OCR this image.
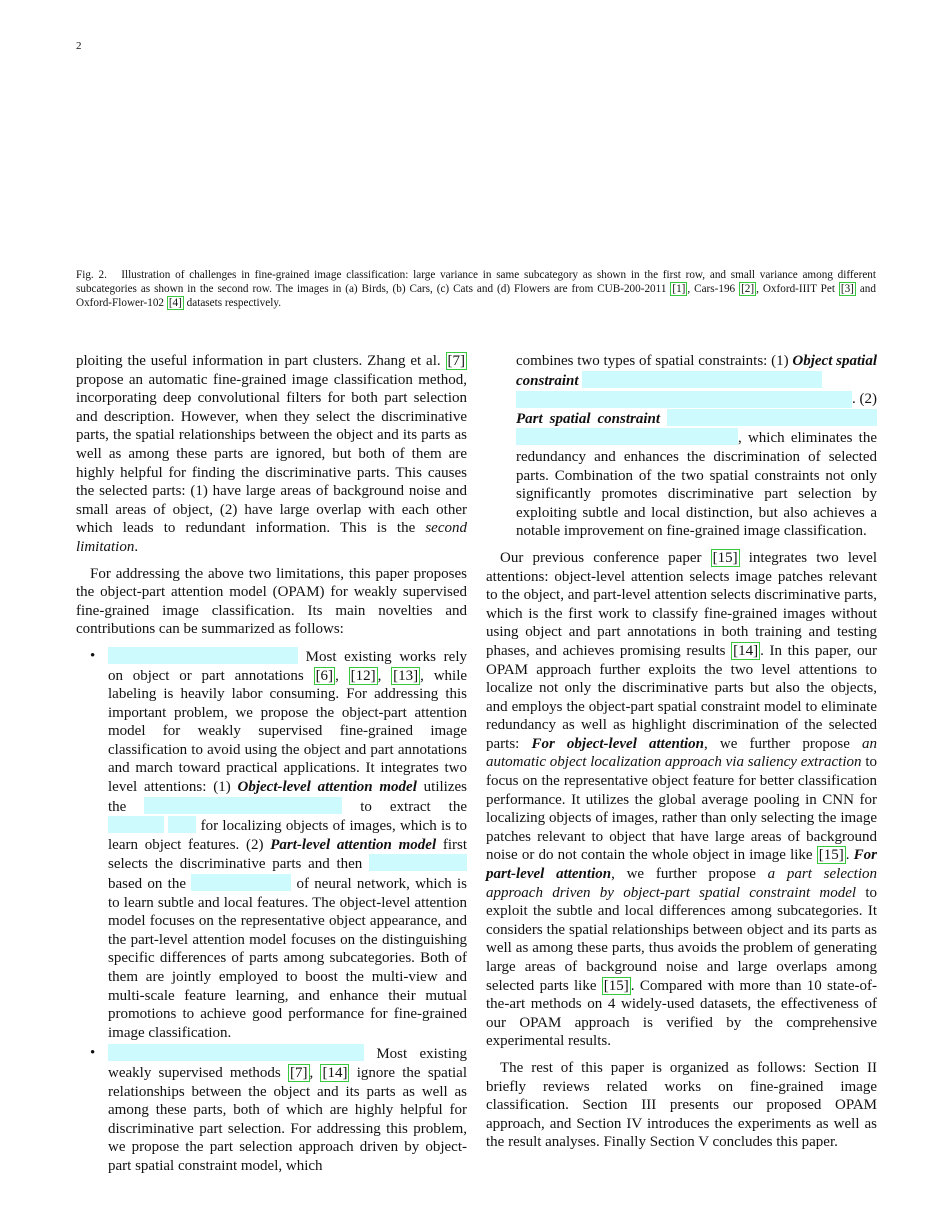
2
Fig. 2. Illustration of challenges in fine-grained image classification: large variance in same subcategory as shown in the first row, and small variance among different subcategories as shown in the second row. The images in (a) Birds, (b) Cars, (c) Cats and (d) Flowers are from CUB-200-2011 [1] , Cars-196 [2] , Oxford-IIIT Pet [3] and Oxford-Flower-102 [4] datasets respectively.

ploiting the useful information in part clusters. Zhang et al. [7] propose an automatic fine-grained image classification method, incorporating deep convolutional filters for both part selection and description. However, when they select the discriminative parts, the spatial relationships between the object and its parts as well as among these parts are ignored, but both of them are highly helpful for finding the discriminative parts. This causes the selected parts: (1) have large areas of background noise and small areas of object, (2) have large overlap with each other which leads to redundant information. This is the second limitation.

For addressing the above two limitations, this paper proposes the object-part attention model (OPAM) for weakly supervised fine-grained image classification. Its main novelties and contributions can be summarized as follows:

•	Most existing works rely on object or part annotations [6] , [12] , [13] , while labeling is heavily labor consuming. For addressing this important problem, we propose the object-part attention model for weakly supervised fine-grained image classification to avoid using the object and part annotations and march toward practical applications. It integrates two level attentions: (1) Object-level attention model utilizes the	to extract the   for localizing objects of images, which is to learn object features. (2) Part-level attention model first selects the discriminative parts and then  based on the	of neural network, which is to learn subtle and local features. The object-level attention model focuses on the representative object appearance, and the part-level attention model focuses on the distinguishing specific differences of parts among subcategories. Both of them are jointly employed to boost the multi-view and multi-scale feature learning, and enhance their mutual promotions to achieve good performance for fine-grained image classification.
•	Most existing weakly supervised methods [7] , [14] ignore the spatial relationships between the object and its parts as well as among these parts, both of which are highly helpful for discriminative part selection. For addressing this problem, we propose the part selection approach driven by object-part spatial constraint model, which
combines two types of spatial constraints: (1) Object spatial constraint
. (2)
Part spatial constraint  , which eliminates the redundancy and enhances the discrimination of selected parts. Combination of the two spatial constraints not only significantly promotes discriminative part selection by exploiting subtle and local distinction, but also achieves a notable improvement on fine-grained image classification.

Our previous conference paper [15] integrates two level attentions: object-level attention selects image patches relevant to the object, and part-level attention selects discriminative parts, which is the first work to classify fine-grained images without using object and part annotations in both training and testing phases, and achieves promising results [14] . In this paper, our OPAM approach further exploits the two level attentions to localize not only the discriminative parts but also the objects, and employs the object-part spatial constraint model to eliminate redundancy as well as highlight discrimination of the selected parts: For object-level attention, we further propose an automatic object localization approach via saliency extraction to focus on the representative object feature for better classification performance. It utilizes the global average pooling in CNN for localizing objects of images, rather than only selecting the image patches relevant to object that have large areas of background noise or do not contain the whole object in image like [15] . For part-level attention, we further propose a part selection approach driven by object-part spatial constraint model to exploit the subtle and local differences among subcategories. It considers the spatial relationships between object and its parts as well as among these parts, thus avoids the problem of generating large areas of background noise and large overlaps among selected parts like [15] . Compared with more than 10 state-of-the-art methods on 4 widely-used datasets, the effectiveness of our OPAM approach is verified by the comprehensive experimental results.

The rest of this paper is organized as follows: Section II briefly reviews related works on fine-grained image classification. Section III presents our proposed OPAM approach, and Section IV introduces the experiments as well as the result analyses. Finally Section V concludes this paper.
